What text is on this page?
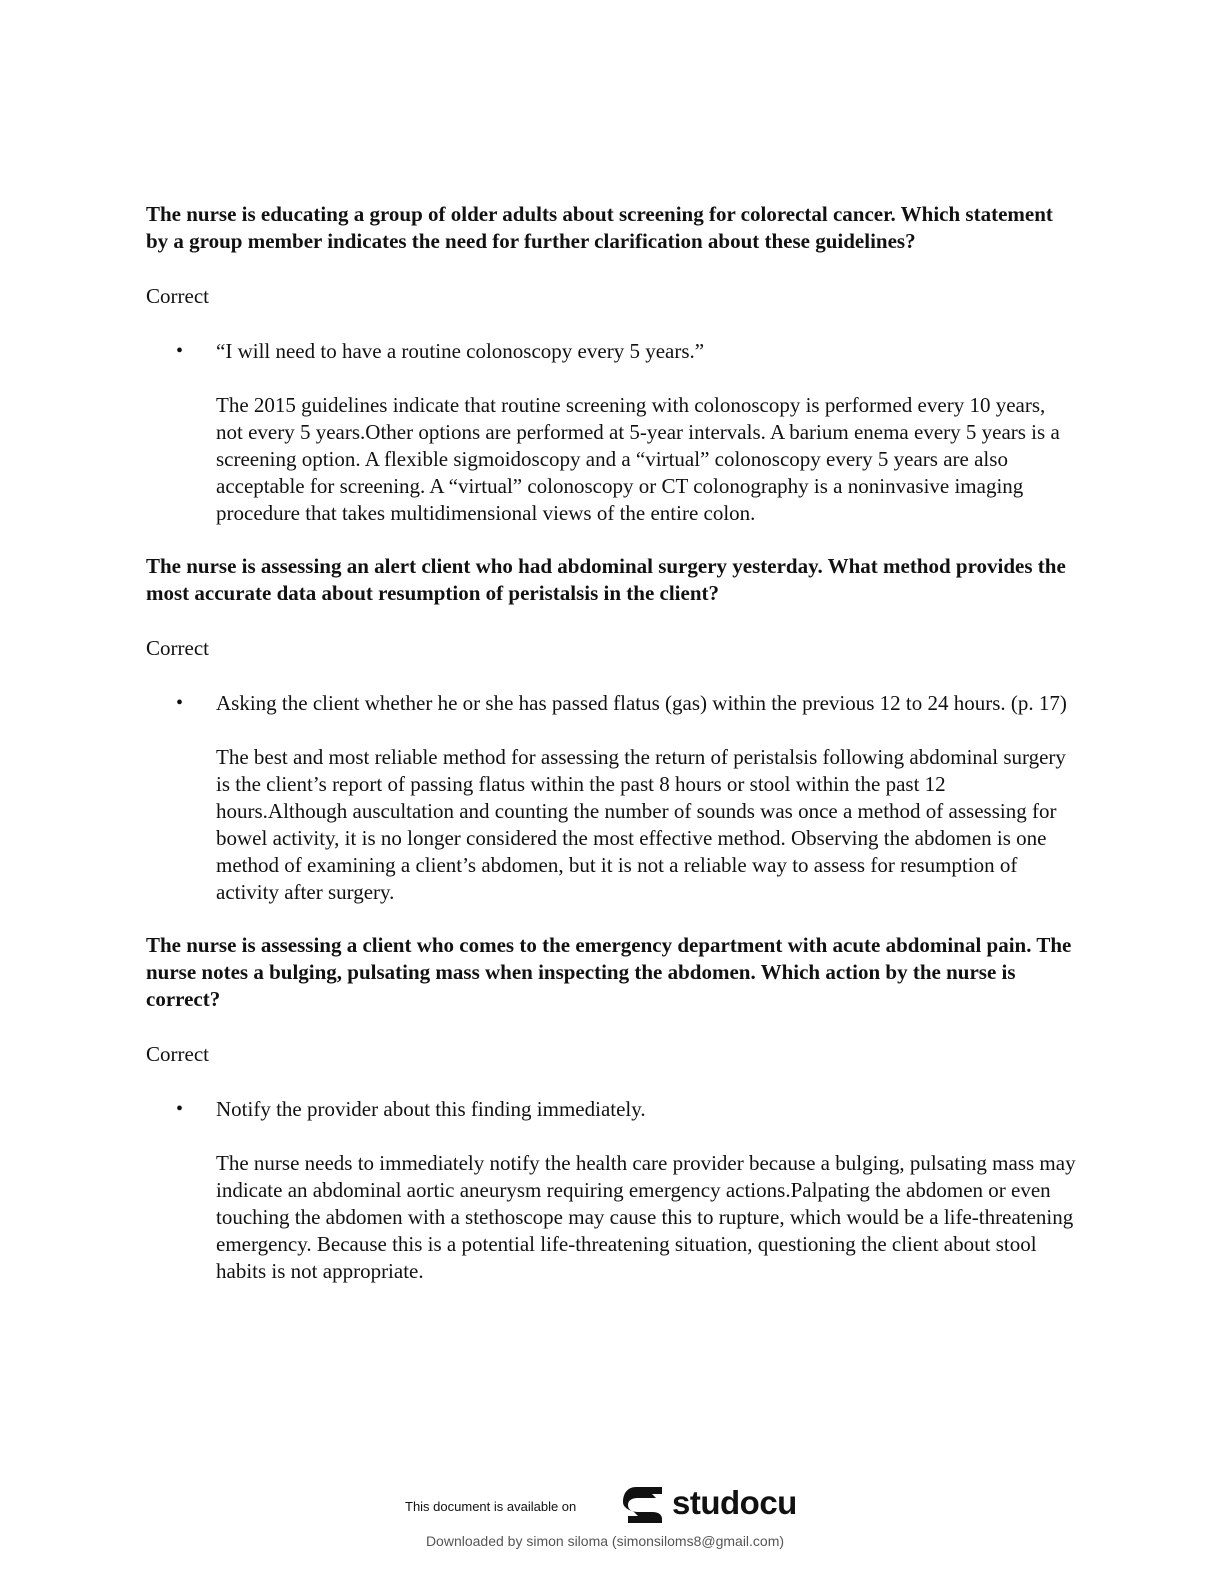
The nurse is educating a group of older adults about screening for colorectal cancer. Which statement by a group member indicates the need for further clarification about these guidelines?

Correct

• “I will need to have a routine colonoscopy every 5 years.”

The 2015 guidelines indicate that routine screening with colonoscopy is performed every 10 years, not every 5 years.Other options are performed at 5-year intervals. A barium enema every 5 years is a screening option. A flexible sigmoidoscopy and a “virtual” colonoscopy every 5 years are also acceptable for screening. A “virtual” colonoscopy or CT colonography is a noninvasive imaging procedure that takes multidimensional views of the entire colon.

The nurse is assessing an alert client who had abdominal surgery yesterday. What method provides the most accurate data about resumption of peristalsis in the client?

Correct

• Asking the client whether he or she has passed flatus (gas) within the previous 12 to 24 hours. (p. 17)

The best and most reliable method for assessing the return of peristalsis following abdominal surgery is the client’s report of passing flatus within the past 8 hours or stool within the past 12 hours.Although auscultation and counting the number of sounds was once a method of assessing for bowel activity, it is no longer considered the most effective method. Observing the abdomen is one method of examining a client’s abdomen, but it is not a reliable way to assess for resumption of activity after surgery.

The nurse is assessing a client who comes to the emergency department with acute abdominal pain. The nurse notes a bulging, pulsating mass when inspecting the abdomen. Which action by the nurse is correct?

Correct

• Notify the provider about this finding immediately.

The nurse needs to immediately notify the health care provider because a bulging, pulsating mass may indicate an abdominal aortic aneurysm requiring emergency actions.Palpating the abdomen or even touching the abdomen with a stethoscope may cause this to rupture, which would be a life-threatening emergency. Because this is a potential life-threatening situation, questioning the client about stool habits is not appropriate.

This document is available on	studocu
Downloaded by simon siloma (simonsiloms8@gmail.com)
